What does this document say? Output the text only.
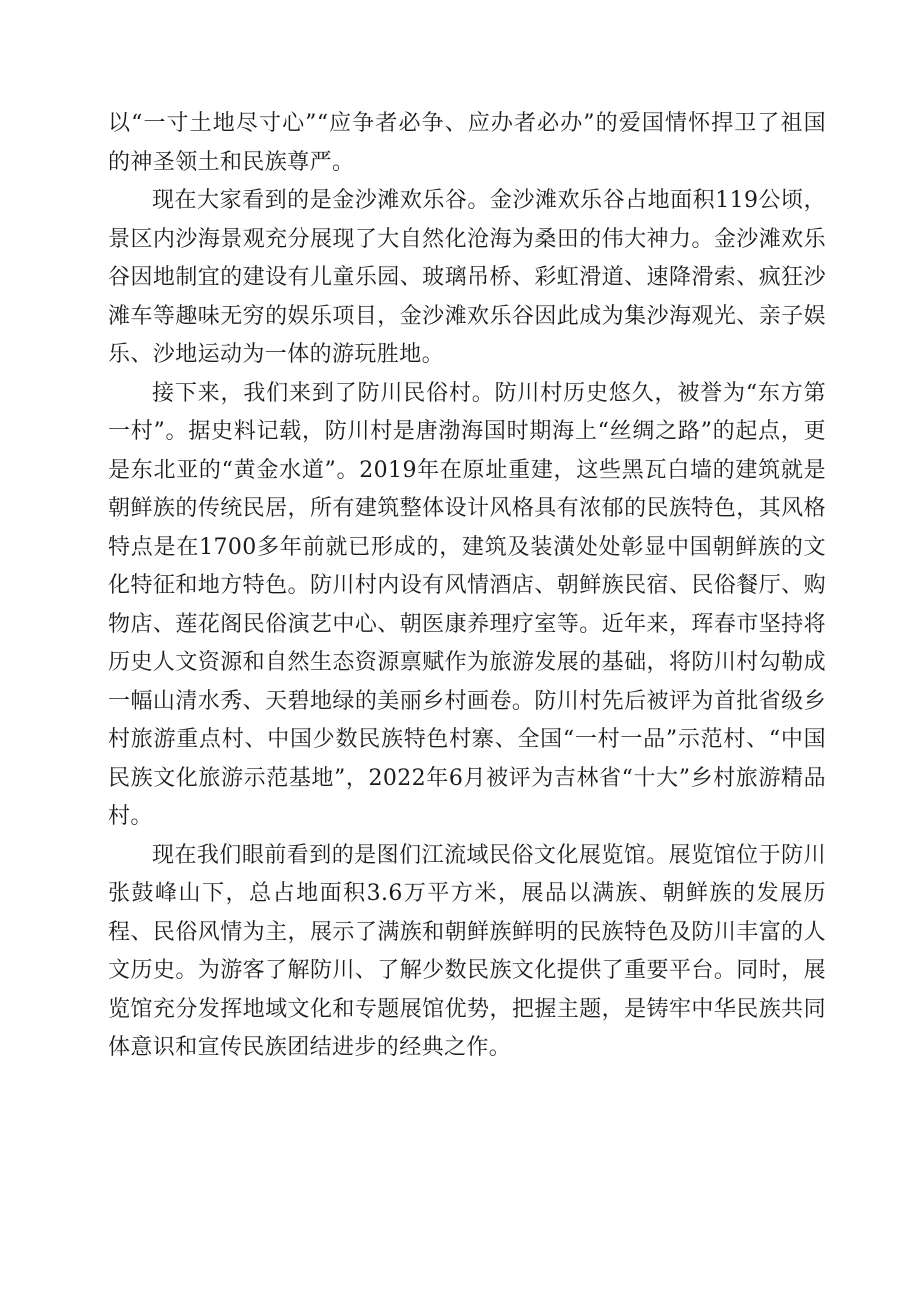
以“一寸土地尽寸心”“应争者必争、应办者必办”的爱国情怀捍卫了祖国的神圣领土和民族尊严。

现在大家看到的是金沙滩欢乐谷。金沙滩欢乐谷占地面积119公顷，景区内沙海景观充分展现了大自然化沧海为桑田的伟大神力。金沙滩欢乐谷因地制宜的建设有儿童乐园、玻璃吊桥、彩虹滑道、速降滑索、疯狂沙滩车等趣味无穷的娱乐项目，金沙滩欢乐谷因此成为集沙海观光、亲子娱乐、沙地运动为一体的游玩胜地。

接下来，我们来到了防川民俗村。防川村历史悠久，被誉为“东方第一村”。据史料记载，防川村是唐渤海国时期海上“丝绸之路”的起点，更是东北亚的“黄金水道”。2019年在原址重建，这些黑瓦白墙的建筑就是朝鲜族的传统民居，所有建筑整体设计风格具有浓郁的民族特色，其风格特点是在1700多年前就已形成的，建筑及装潢处处彰显中国朝鲜族的文化特征和地方特色。防川村内设有风情酒店、朝鲜族民宿、民俗餐厅、购物店、莲花阁民俗演艺中心、朝医康养理疗室等。近年来，珲春市坚持将历史人文资源和自然生态资源禀赋作为旅游发展的基础，将防川村勾勒成一幅山清水秀、天碧地绿的美丽乡村画卷。防川村先后被评为首批省级乡村旅游重点村、中国少数民族特色村寨、全国“一村一品”示范村、“中国民族文化旅游示范基地”，2022年6月被评为吉林省“十大”乡村旅游精品村。

现在我们眼前看到的是图们江流域民俗文化展览馆。展览馆位于防川张鼓峰山下，总占地面积3.6万平方米，展品以满族、朝鲜族的发展历程、民俗风情为主，展示了满族和朝鲜族鲜明的民族特色及防川丰富的人文历史。为游客了解防川、了解少数民族文化提供了重要平台。同时，展览馆充分发挥地域文化和专题展馆优势，把握主题，是铸牢中华民族共同体意识和宣传民族团结进步的经典之作。
